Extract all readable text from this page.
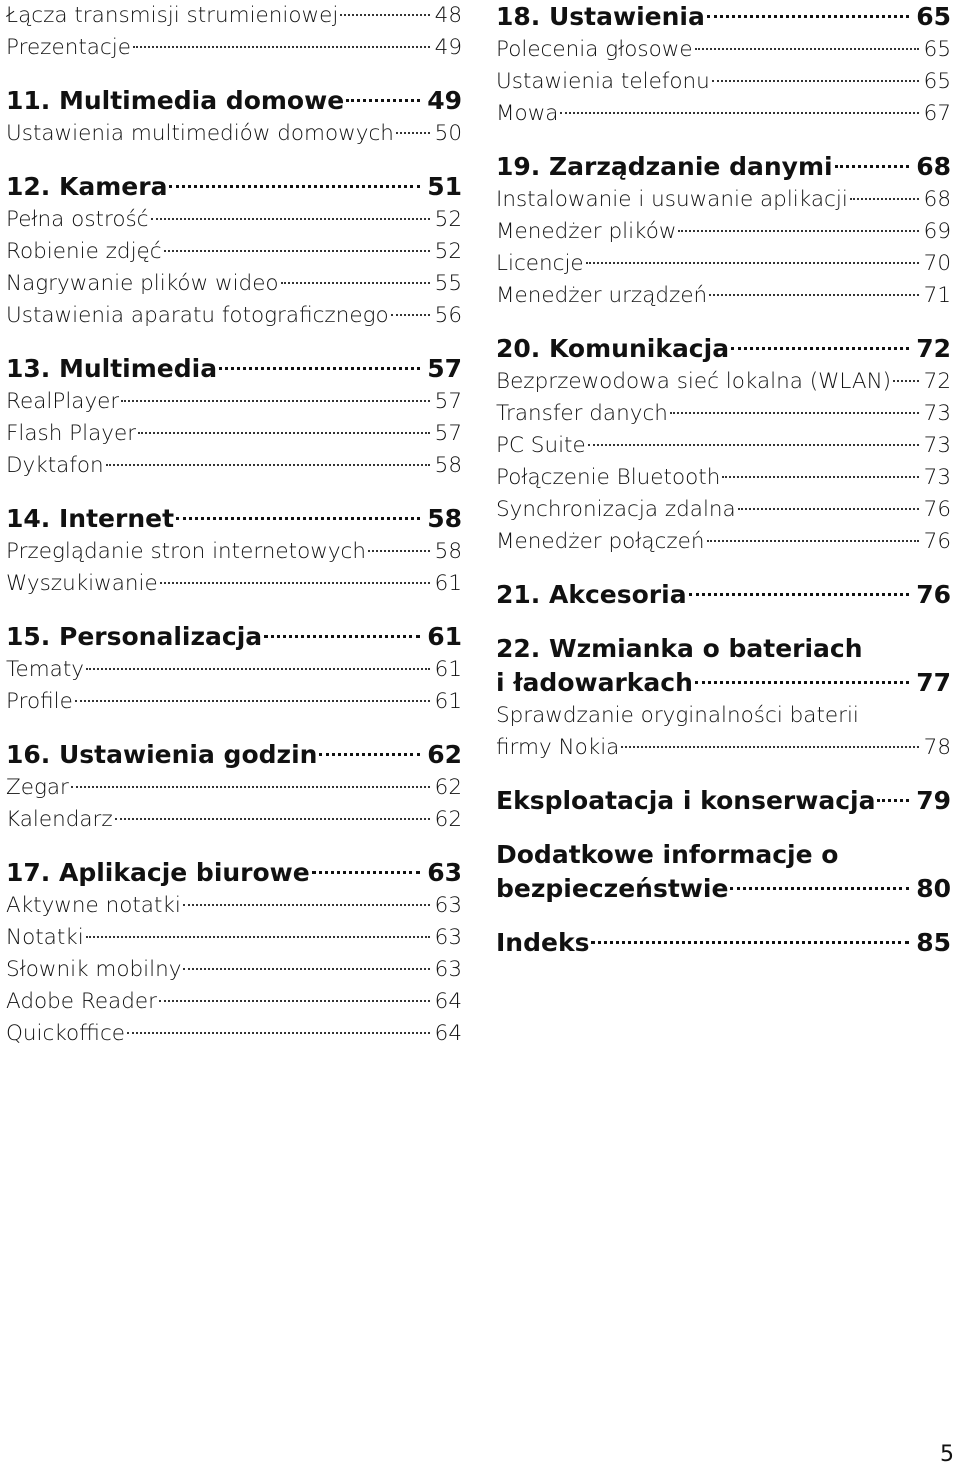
Łącza transmisji strumieniowej	48
Prezentacje	49
11. Multimedia domowe	49
Ustawienia multimediów domowych 50
12. Kamera	51
Pełna ostrość	52
Robienie zdjęć	52
Nagrywanie plików wideo	55
Ustawienia aparatu fotograficznego 56
13. Multimedia	57
RealPlayer	57
Flash Player	57
Dyktafon	58
14. Internet	58
Przeglądanie stron internetowych	58
Wyszukiwanie	61
15. Personalizacja	61
Tematy	61
Profile	61
16. Ustawienia godzin	62
Zegar	62
Kalendarz	62
17. Aplikacje biurowe	63
Aktywne notatki	63
Notatki	63
Słownik mobilny	63
Adobe Reader	64
Quickoffice	64
18. Ustawienia	65
Polecenia głosowe	65
Ustawienia telefonu	65
Mowa	67
19. Zarządzanie danymi	68
Instalowanie i usuwanie aplikacji	68
Menedżer plików	69
Licencje	70
Menedżer urządzeń	71
20. Komunikacja	72
Bezprzewodowa sieć lokalna (WLAN) 72
Transfer danych	73
PC Suite	73
Połączenie Bluetooth	73
Synchronizacja zdalna	76
Menedżer połączeń	76
21. Akcesoria	76
22. Wzmianka o bateriach
i ładowarkach	77
Sprawdzanie oryginalności baterii
firmy Nokia	78
Eksploatacja i konserwacja 79
Dodatkowe informacje o
bezpieczeństwie	80
Indeks	85
5
